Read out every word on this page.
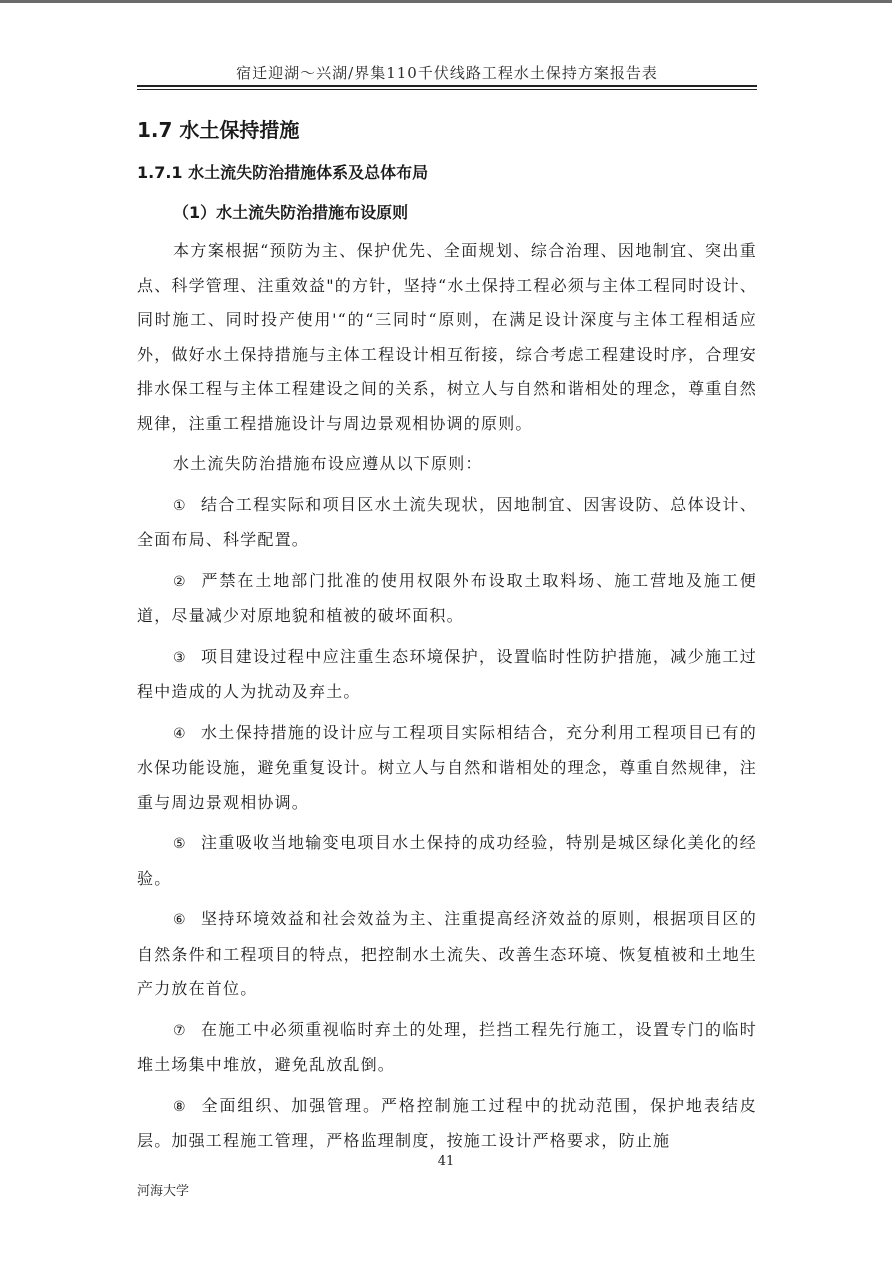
宿迁迎湖～兴湖/界集110千伏线路工程水土保持方案报告表
1.7 水土保持措施
1.7.1 水土流失防治措施体系及总体布局
（1）水土流失防治措施布设原则

本方案根据“预防为主、保护优先、全面规划、综合治理、因地制宜、突出重点、科学管理、注重效益"的方针，坚持“水土保持工程必须与主体工程同时设计、同时施工、同时投产使用'“的“三同时“原则，在满足设计深度与主体工程相适应外，做好水土保持措施与主体工程设计相互衔接，综合考虑工程建设时序，合理安排水保工程与主体工程建设之间的关系，树立人与自然和谐相处的理念，尊重自然规律，注重工程措施设计与周边景观相协调的原则。

水土流失防治措施布设应遵从以下原则：

① 结合工程实际和项目区水土流失现状，因地制宜、因害设防、总体设计、全面布局、科学配置。

② 严禁在土地部门批准的使用权限外布设取土取料场、施工营地及施工便道，尽量减少对原地貌和植被的破坏面积。

③ 项目建设过程中应注重生态环境保护，设置临时性防护措施，减少施工过程中造成的人为扰动及弃土。

④ 水土保持措施的设计应与工程项目实际相结合，充分利用工程项目已有的水保功能设施，避免重复设计。树立人与自然和谐相处的理念，尊重自然规律，注重与周边景观相协调。

⑤ 注重吸收当地输变电项目水土保持的成功经验，特别是城区绿化美化的经验。

⑥ 坚持环境效益和社会效益为主、注重提高经济效益的原则，根据项目区的自然条件和工程项目的特点，把控制水土流失、改善生态环境、恢复植被和土地生产力放在首位。

⑦ 在施工中必须重视临时弃土的处理，拦挡工程先行施工，设置专门的临时堆土场集中堆放，避免乱放乱倒。

⑧ 全面组织、加强管理。严格控制施工过程中的扰动范围，保护地表结皮层。加强工程施工管理，严格监理制度，按施工设计严格要求，防止施

41
河海大学
